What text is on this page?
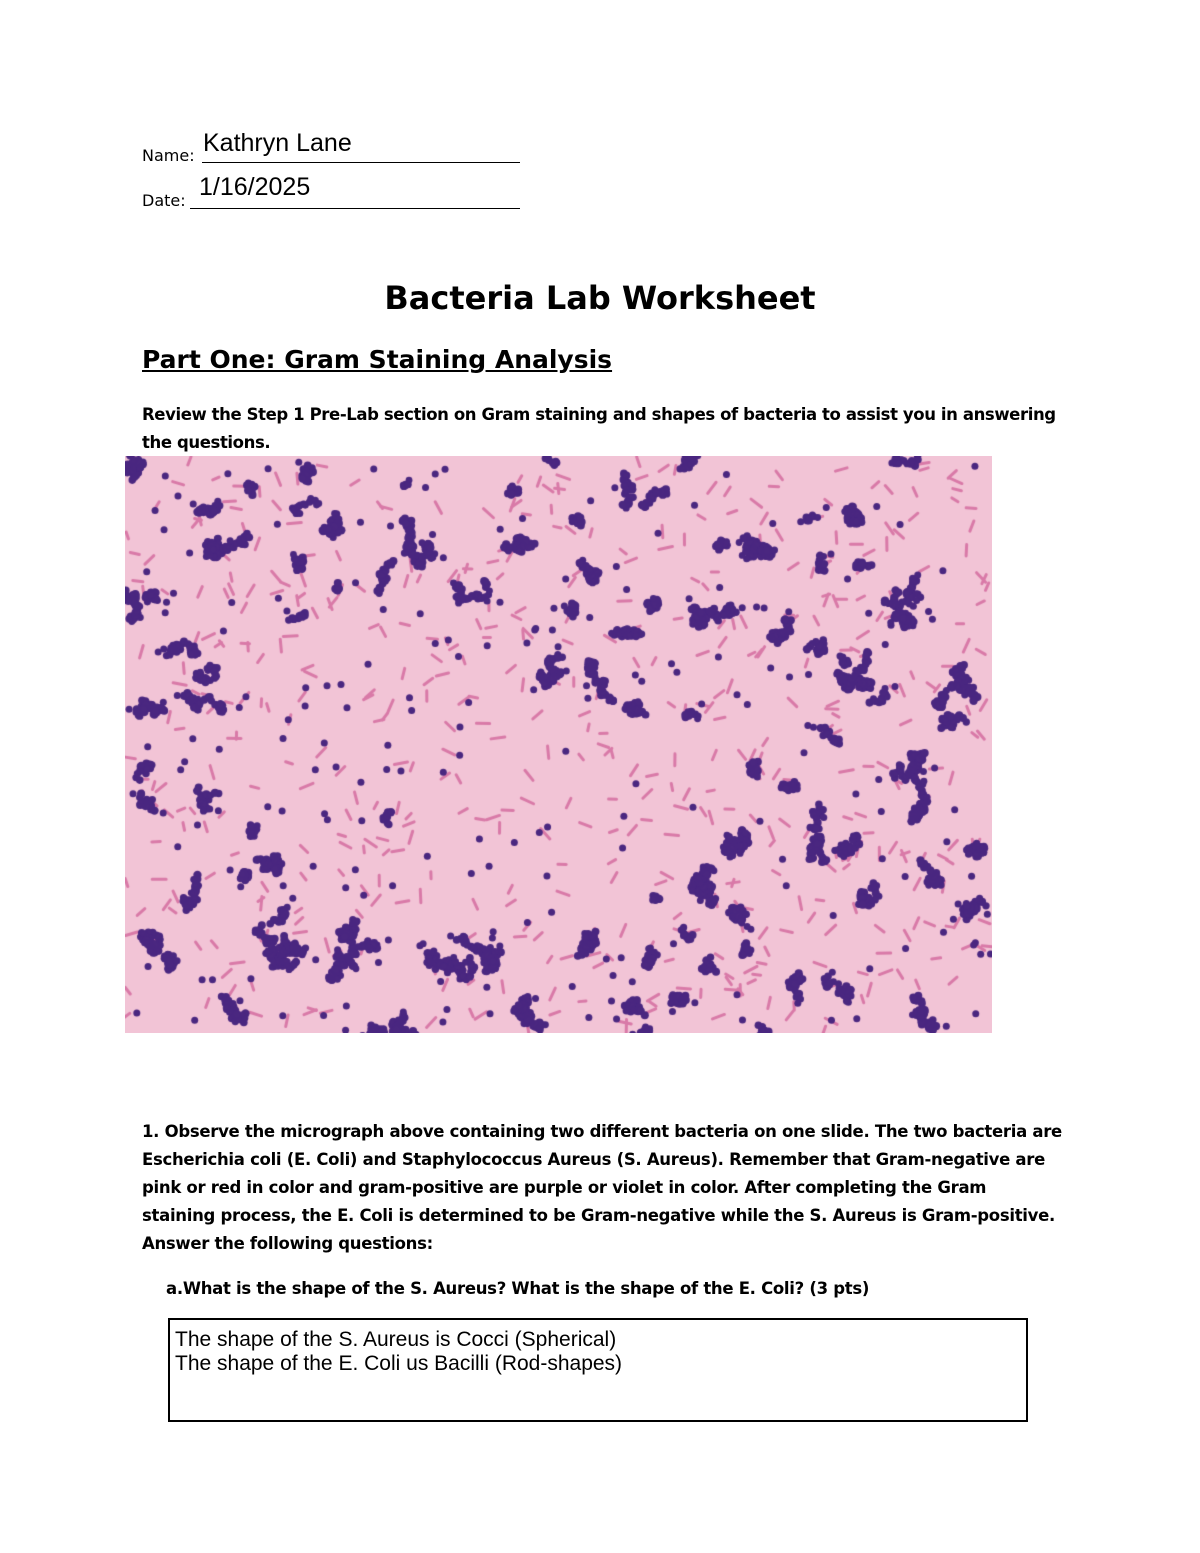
Name: Kathryn Lane
Date: 1/16/2025
Bacteria Lab Worksheet
Part One: Gram Staining Analysis
Review the Step 1 Pre-Lab section on Gram staining and shapes of bacteria to assist you in answering the questions.
1. Observe the micrograph above containing two different bacteria on one slide. The two bacteria are Escherichia coli (E. Coli) and Staphylococcus Aureus (S. Aureus). Remember that Gram-negative are pink or red in color and gram-positive are purple or violet in color. After completing the Gram staining process, the E. Coli is determined to be Gram-negative while the S. Aureus is Gram-positive. Answer the following questions:
a.What is the shape of the S. Aureus? What is the shape of the E. Coli? (3 pts)
The shape of the S. Aureus is Cocci (Spherical)
The shape of the E. Coli us Bacilli (Rod-shapes)
